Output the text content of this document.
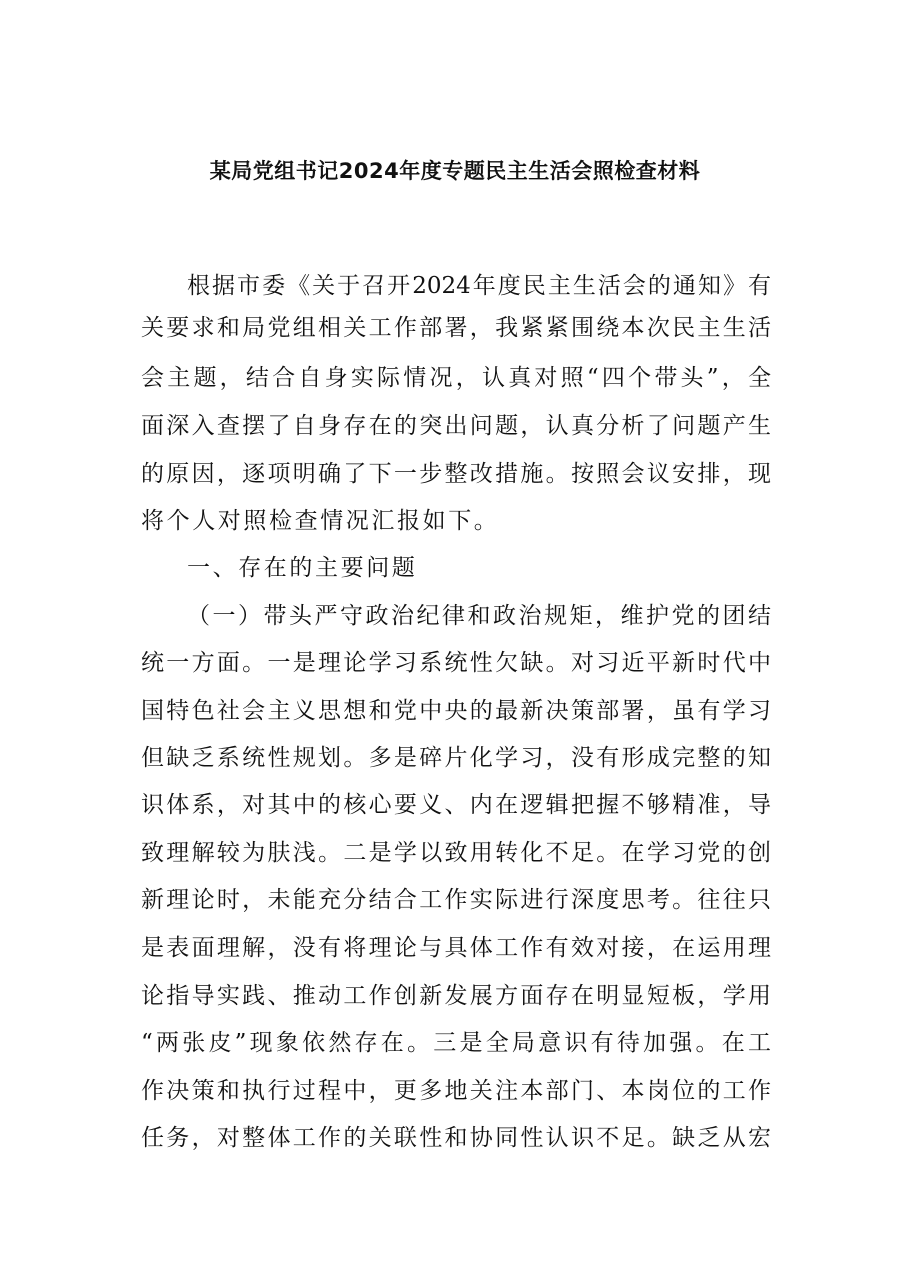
某局党组书记2024年度专题民主生活会照检查材料
根据市委《关于召开2024年度民主生活会的通知》有
关要求和局党组相关工作部署，我紧紧围绕本次民主生活
会主题，结合自身实际情况，认真对照“四个带头”，全
面深入查摆了自身存在的突出问题，认真分析了问题产生
的原因，逐项明确了下一步整改措施。按照会议安排，现
将个人对照检查情况汇报如下。
一、存在的主要问题
（一）带头严守政治纪律和政治规矩，维护党的团结
统一方面。一是理论学习系统性欠缺。对习近平新时代中
国特色社会主义思想和党中央的最新决策部署，虽有学习
但缺乏系统性规划。多是碎片化学习，没有形成完整的知
识体系，对其中的核心要义、内在逻辑把握不够精准，导
致理解较为肤浅。二是学以致用转化不足。在学习党的创
新理论时，未能充分结合工作实际进行深度思考。往往只
是表面理解，没有将理论与具体工作有效对接，在运用理
论指导实践、推动工作创新发展方面存在明显短板，学用
“两张皮”现象依然存在。三是全局意识有待加强。在工
作决策和执行过程中，更多地关注本部门、本岗位的工作
任务，对整体工作的关联性和协同性认识不足。缺乏从宏
